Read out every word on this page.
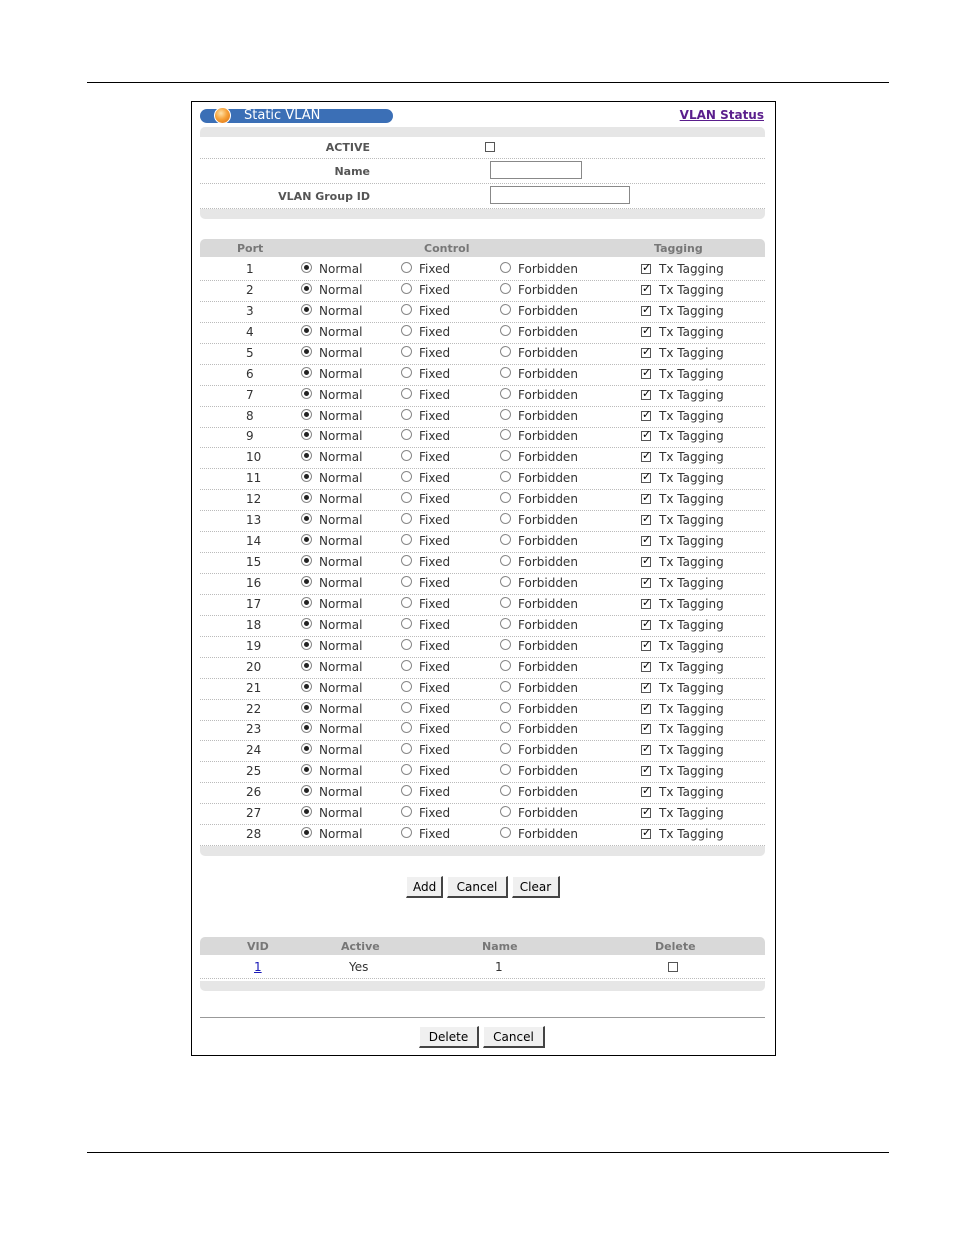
Static VLAN	VLAN Status
ACTIVE
Name
VLAN Group ID
Port	Control	Tagging
1	Normal	Fixed	Forbidden ✓	Tx Tagging
2	Normal	Fixed	Forbidden ✓	Tx Tagging
3	Normal	Fixed	Forbidden ✓	Tx Tagging
4	Normal	Fixed	Forbidden ✓	Tx Tagging
5	Normal	Fixed	Forbidden ✓	Tx Tagging
6	Normal	Fixed	Forbidden ✓	Tx Tagging
7	Normal	Fixed	Forbidden ✓	Tx Tagging
8	Normal	Fixed	Forbidden ✓	Tx Tagging
9	Normal	Fixed	Forbidden ✓	Tx Tagging
10	Normal	Fixed	Forbidden ✓	Tx Tagging
11	Normal	Fixed	Forbidden ✓	Tx Tagging
12	Normal	Fixed	Forbidden ✓	Tx Tagging
13	Normal	Fixed	Forbidden ✓	Tx Tagging
14	Normal	Fixed	Forbidden ✓	Tx Tagging
15	Normal	Fixed	Forbidden ✓	Tx Tagging
16	Normal	Fixed	Forbidden ✓	Tx Tagging
17	Normal	Fixed	Forbidden ✓	Tx Tagging
18	Normal	Fixed	Forbidden ✓	Tx Tagging
19	Normal	Fixed	Forbidden ✓	Tx Tagging
20	Normal	Fixed	Forbidden ✓	Tx Tagging
21	Normal	Fixed	Forbidden ✓	Tx Tagging
22	Normal	Fixed	Forbidden ✓	Tx Tagging
23	Normal	Fixed	Forbidden ✓	Tx Tagging
24	Normal	Fixed	Forbidden ✓	Tx Tagging
25	Normal	Fixed	Forbidden ✓	Tx Tagging
26	Normal	Fixed	Forbidden ✓	Tx Tagging
27	Normal	Fixed	Forbidden ✓	Tx Tagging
28	Normal	Fixed	Forbidden ✓	Tx Tagging
Add	Cancel	Clear
VID	Active	Name	Delete
1	Yes	1
Delete	Cancel
